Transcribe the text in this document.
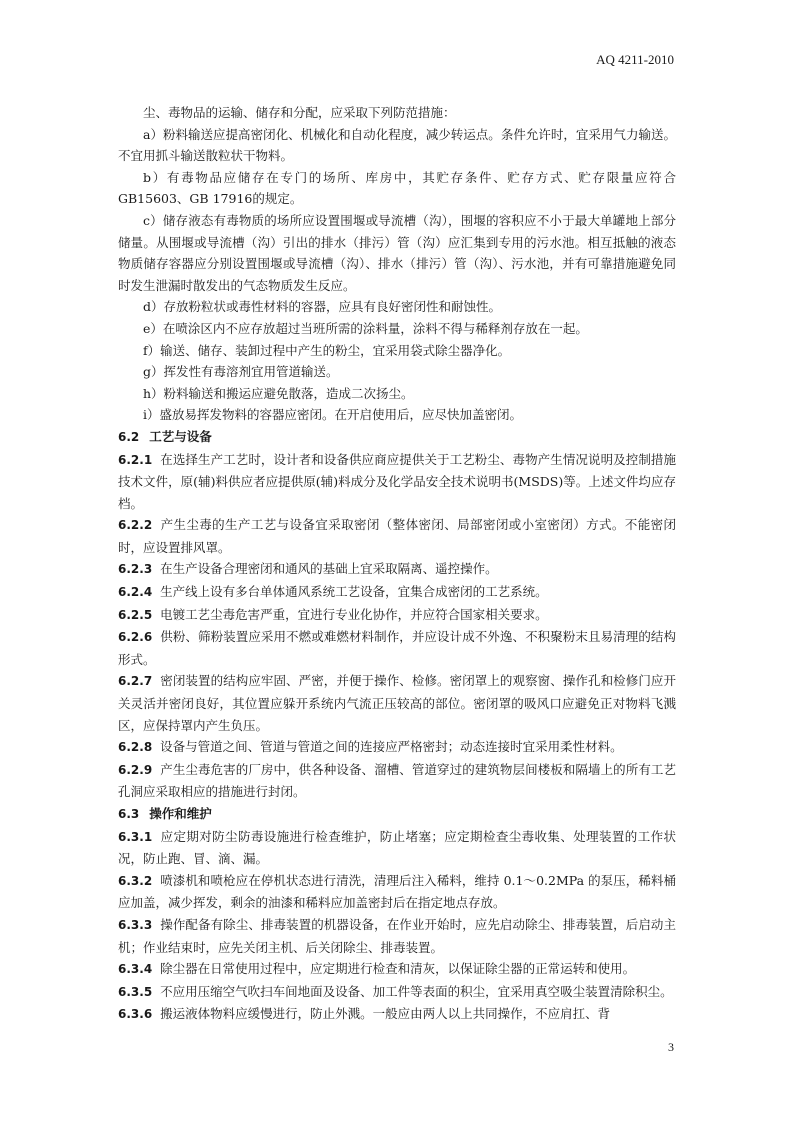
AQ 4211-2010

尘、毒物品的运输、储存和分配，应采取下列防范措施：

a）粉料输送应提高密闭化、机械化和自动化程度，减少转运点。条件允许时，宜采用气力输送。不宜用抓斗输送散粒状干物料。

b）有毒物品应储存在专门的场所、库房中，其贮存条件、贮存方式、贮存限量应符合GB15603、GB 17916的规定。

c）储存液态有毒物质的场所应设置围堰或导流槽（沟），围堰的容积应不小于最大单罐地上部分储量。从围堰或导流槽（沟）引出的排水（排污）管（沟）应汇集到专用的污水池。相互抵触的液态物质储存容器应分别设置围堰或导流槽（沟）、排水（排污）管（沟）、污水池，并有可靠措施避免同时发生泄漏时散发出的气态物质发生反应。

d）存放粉粒状或毒性材料的容器，应具有良好密闭性和耐蚀性。

e）在喷涂区内不应存放超过当班所需的涂料量，涂料不得与稀释剂存放在一起。

f）输送、储存、装卸过程中产生的粉尘，宜采用袋式除尘器净化。

g）挥发性有毒溶剂宜用管道输送。

h）粉料输送和搬运应避免散落，造成二次扬尘。

i）盛放易挥发物料的容器应密闭。在开启使用后，应尽快加盖密闭。

6.2 工艺与设备

6.2.1 在选择生产工艺时，设计者和设备供应商应提供关于工艺粉尘、毒物产生情况说明及控制措施技术文件，原(辅)料供应者应提供原(辅)料成分及化学品安全技术说明书(MSDS)等。上述文件均应存档。

6.2.2 产生尘毒的生产工艺与设备宜采取密闭（整体密闭、局部密闭或小室密闭）方式。不能密闭时，应设置排风罩。

6.2.3 在生产设备合理密闭和通风的基础上宜采取隔离、遥控操作。

6.2.4 生产线上设有多台单体通风系统工艺设备，宜集合成密闭的工艺系统。

6.2.5 电镀工艺尘毒危害严重，宜进行专业化协作，并应符合国家相关要求。

6.2.6 供粉、筛粉装置应采用不燃或难燃材料制作，并应设计成不外逸、不积聚粉末且易清理的结构形式。

6.2.7 密闭装置的结构应牢固、严密，并便于操作、检修。密闭罩上的观察窗、操作孔和检修门应开关灵活并密闭良好，其位置应躲开系统内气流正压较高的部位。密闭罩的吸风口应避免正对物料飞溅区，应保持罩内产生负压。

6.2.8 设备与管道之间、管道与管道之间的连接应严格密封；动态连接时宜采用柔性材料。

6.2.9 产生尘毒危害的厂房中，供各种设备、溜槽、管道穿过的建筑物层间楼板和隔墙上的所有工艺孔洞应采取相应的措施进行封闭。

6.3 操作和维护

6.3.1 应定期对防尘防毒设施进行检查维护，防止堵塞；应定期检查尘毒收集、处理装置的工作状况，防止跑、冒、滴、漏。

6.3.2 喷漆机和喷枪应在停机状态进行清洗，清理后注入稀料，维持 0.1～0.2MPa 的泵压，稀料桶应加盖，减少挥发，剩余的油漆和稀料应加盖密封后在指定地点存放。

6.3.3 操作配备有除尘、排毒装置的机器设备，在作业开始时，应先启动除尘、排毒装置，后启动主机；作业结束时，应先关闭主机、后关闭除尘、排毒装置。

6.3.4 除尘器在日常使用过程中，应定期进行检查和清灰，以保证除尘器的正常运转和使用。

6.3.5 不应用压缩空气吹扫车间地面及设备、加工件等表面的积尘，宜采用真空吸尘装置清除积尘。

6.3.6 搬运液体物料应缓慢进行，防止外溅。一般应由两人以上共同操作，不应肩扛、背

3
